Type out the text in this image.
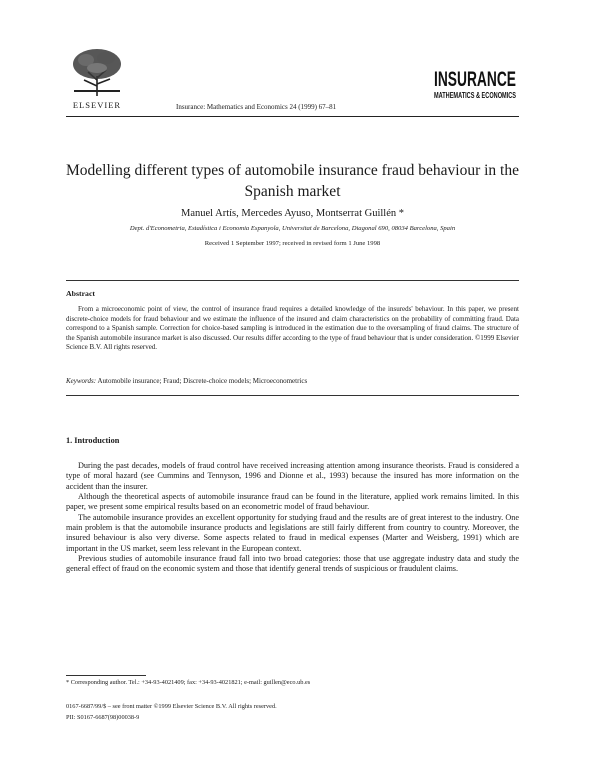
ELSEVIER	Insurance: Mathematics and Economics 24 (1999) 67–81
INSURANCE
MATHEMATICS & ECONOMICS
Modelling different types of automobile insurance fraud behaviour in the Spanish market
Manuel Artís, Mercedes Ayuso, Montserrat Guillén *
Dept. d'Econometria, Estadística i Economia Espanyola, Universitat de Barcelona, Diagonal 690, 08034 Barcelona, Spain
Received 1 September 1997; received in revised form 1 June 1998
Abstract

From a microeconomic point of view, the control of insurance fraud requires a detailed knowledge of the insureds' behaviour. In this paper, we present discrete-choice models for fraud behaviour and we estimate the influence of the insured and claim characteristics on the probability of committing fraud. Data correspond to a Spanish sample. Correction for choice-based sampling is introduced in the estimation due to the oversampling of fraud claims. The structure of the Spanish automobile insurance market is also discussed. Our results differ according to the type of fraud behaviour that is under consideration. ©1999 Elsevier Science B.V. All rights reserved.

Keywords: Automobile insurance; Fraud; Discrete-choice models; Microeconometrics
1. Introduction

During the past decades, models of fraud control have received increasing attention among insurance theorists. Fraud is considered a type of moral hazard (see Cummins and Tennyson, 1996 and Dionne et al., 1993) because the insured has more information on the accident than the insurer.

Although the theoretical aspects of automobile insurance fraud can be found in the literature, applied work remains limited. In this paper, we present some empirical results based on an econometric model of fraud behaviour.

The automobile insurance provides an excellent opportunity for studying fraud and the results are of great interest to the industry. One main problem is that the automobile insurance products and legislations are still fairly different from country to country. Moreover, the insured behaviour is also very diverse. Some aspects related to fraud in medical expenses (Marter and Weisberg, 1991) which are important in the US market, seem less relevant in the European context.

Previous studies of automobile insurance fraud fall into two broad categories: those that use aggregate industry data and study the general effect of fraud on the economic system and those that identify general trends of suspicious or fraudulent claims.

* Corresponding author. Tel.: +34-93-4021409; fax: +34-93-4021821; e-mail: guillen@eco.ub.es
0167-6687/99/$ – see front matter ©1999 Elsevier Science B.V. All rights reserved.
PII: S0167-6687(98)00038-9
